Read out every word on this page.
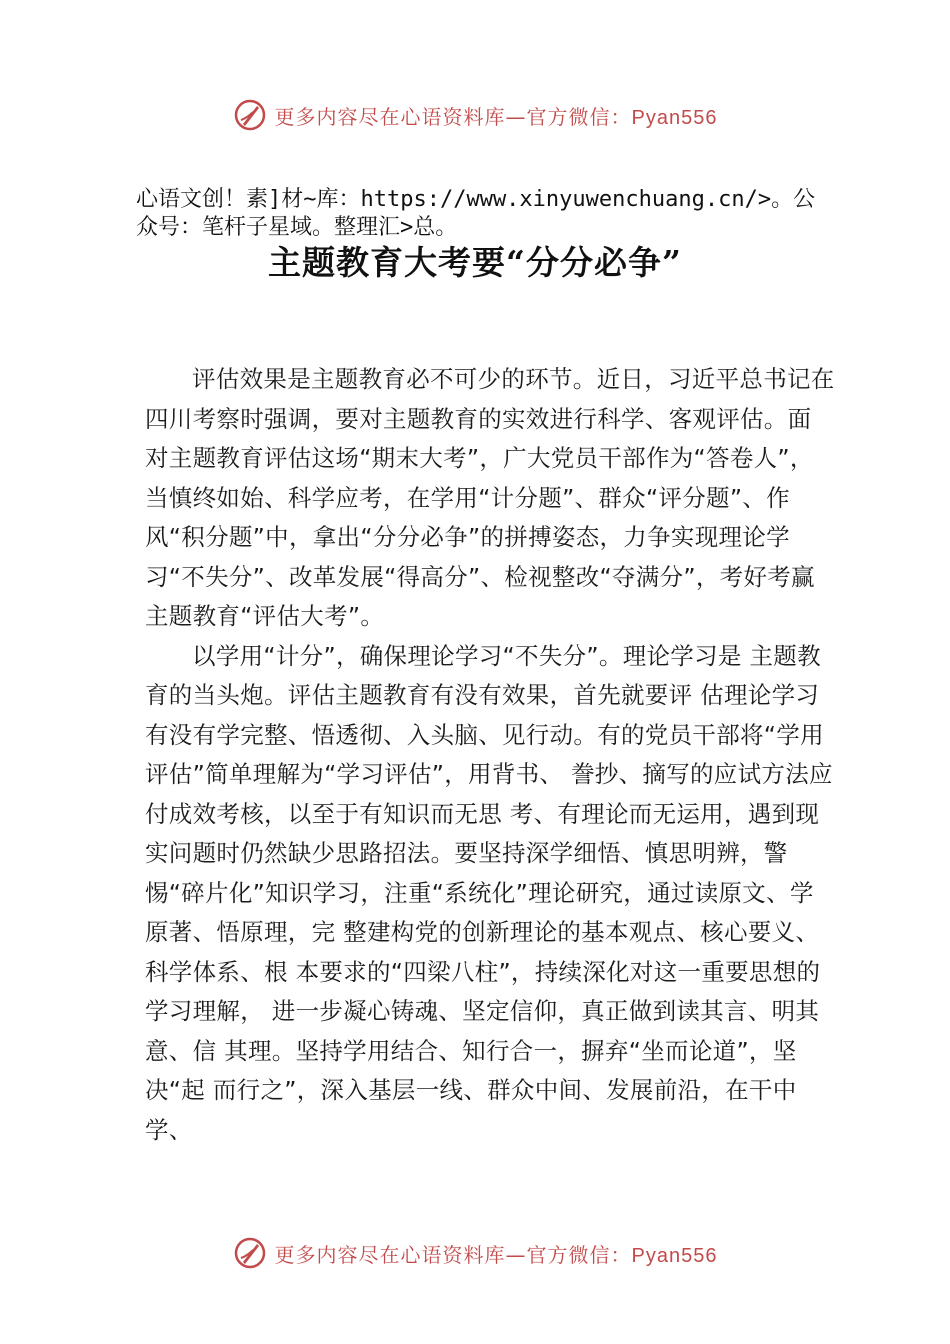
更多内容尽在心语资料库—官方微信：Pyan556
心语文创！素]材~库：https://www.xinyuwenchuang.cn/>。公众号：笔杆子星域。整理汇>总。
主题教育大考要“分分必争”

评估效果是主题教育必不可少的环节。近日，习近平总书记在四川考察时强调，要对主题教育的实效进行科学、客观评估。面对主题教育评估这场“期末大考”，广大党员干部作为“答卷人”，当慎终如始、科学应考，在学用“计分题”、群众“评分题”、作风“积分题”中，拿出“分分必争”的拼搏姿态，力争实现理论学习“不失分”、改革发展“得高分”、检视整改“夺满分”，考好考赢主题教育“评估大考”。

以学用“计分”，确保理论学习“不失分”。理论学习是 主题教育的当头炮。评估主题教育有没有效果，首先就要评 估理论学习有没有学完整、悟透彻、入头脑、见行动。有的党员干部将“学用评估”简单理解为“学习评估”，用背书、 誊抄、摘写的应试方法应付成效考核，以至于有知识而无思 考、有理论而无运用，遇到现实问题时仍然缺少思路招法。要坚持深学细悟、慎思明辨，警惕“碎片化”知识学习，注重“系统化”理论研究，通过读原文、学原著、悟原理，完 整建构党的创新理论的基本观点、核心要义、科学体系、根 本要求的“四梁八柱”，持续深化对这一重要思想的学习理解， 进一步凝心铸魂、坚定信仰，真正做到读其言、明其意、信 其理。坚持学用结合、知行合一，摒弃“坐而论道”，坚决“起 而行之”，深入基层一线、群众中间、发展前沿，在干中学、

更多内容尽在心语资料库—官方微信：Pyan556
